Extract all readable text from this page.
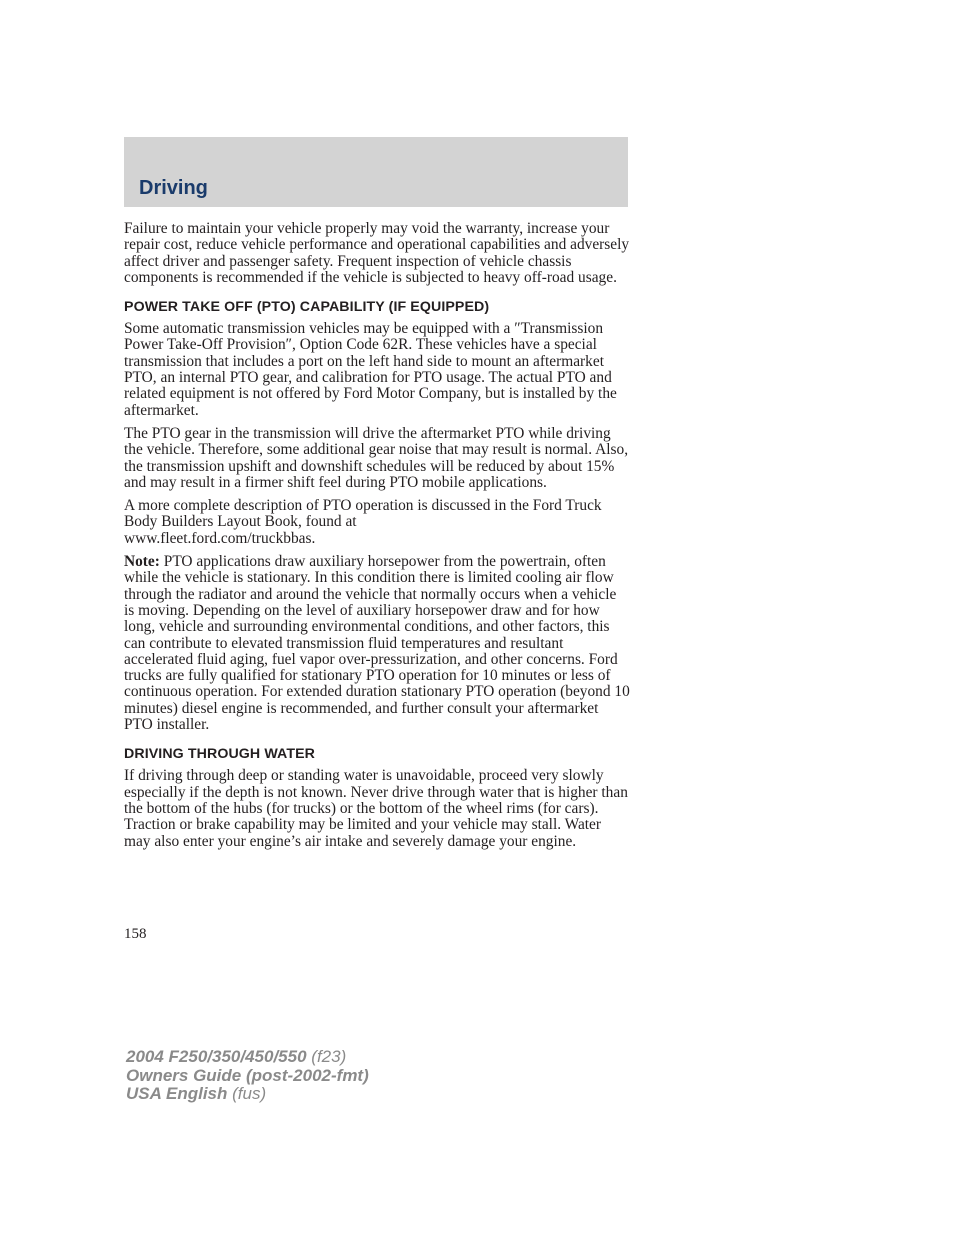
Driving

Failure to maintain your vehicle properly may void the warranty, increase your repair cost, reduce vehicle performance and operational capabilities and adversely affect driver and passenger safety. Frequent inspection of vehicle chassis components is recommended if the vehicle is subjected to heavy off-road usage.

POWER TAKE OFF (PTO) CAPABILITY (IF EQUIPPED)

Some automatic transmission vehicles may be equipped with a ″Transmission Power Take-Off Provision″, Option Code 62R. These vehicles have a special transmission that includes a port on the left hand side to mount an aftermarket PTO, an internal PTO gear, and calibration for PTO usage. The actual PTO and related equipment is not offered by Ford Motor Company, but is installed by the aftermarket.

The PTO gear in the transmission will drive the aftermarket PTO while driving the vehicle. Therefore, some additional gear noise that may result is normal. Also, the transmission upshift and downshift schedules will be reduced by about 15% and may result in a firmer shift feel during PTO mobile applications.

A more complete description of PTO operation is discussed in the Ford Truck Body Builders Layout Book, found at
www.fleet.ford.com/truckbbas.

Note: PTO applications draw auxiliary horsepower from the powertrain, often while the vehicle is stationary. In this condition there is limited cooling air flow through the radiator and around the vehicle that normally occurs when a vehicle is moving. Depending on the level of auxiliary horsepower draw and for how long, vehicle and surrounding environmental conditions, and other factors, this can contribute to elevated transmission fluid temperatures and resultant accelerated fluid aging, fuel vapor over-pressurization, and other concerns. Ford trucks are fully qualified for stationary PTO operation for 10 minutes or less of continuous operation. For extended duration stationary PTO operation (beyond 10 minutes) diesel engine is recommended, and further consult your aftermarket PTO installer.

DRIVING THROUGH WATER

If driving through deep or standing water is unavoidable, proceed very slowly especially if the depth is not known. Never drive through water that is higher than the bottom of the hubs (for trucks) or the bottom of the wheel rims (for cars). Traction or brake capability may be limited and your vehicle may stall. Water may also enter your engine’s air intake and severely damage your engine.

158
2004 F250/350/450/550 (f23)
Owners Guide (post-2002-fmt)
USA English (fus)
